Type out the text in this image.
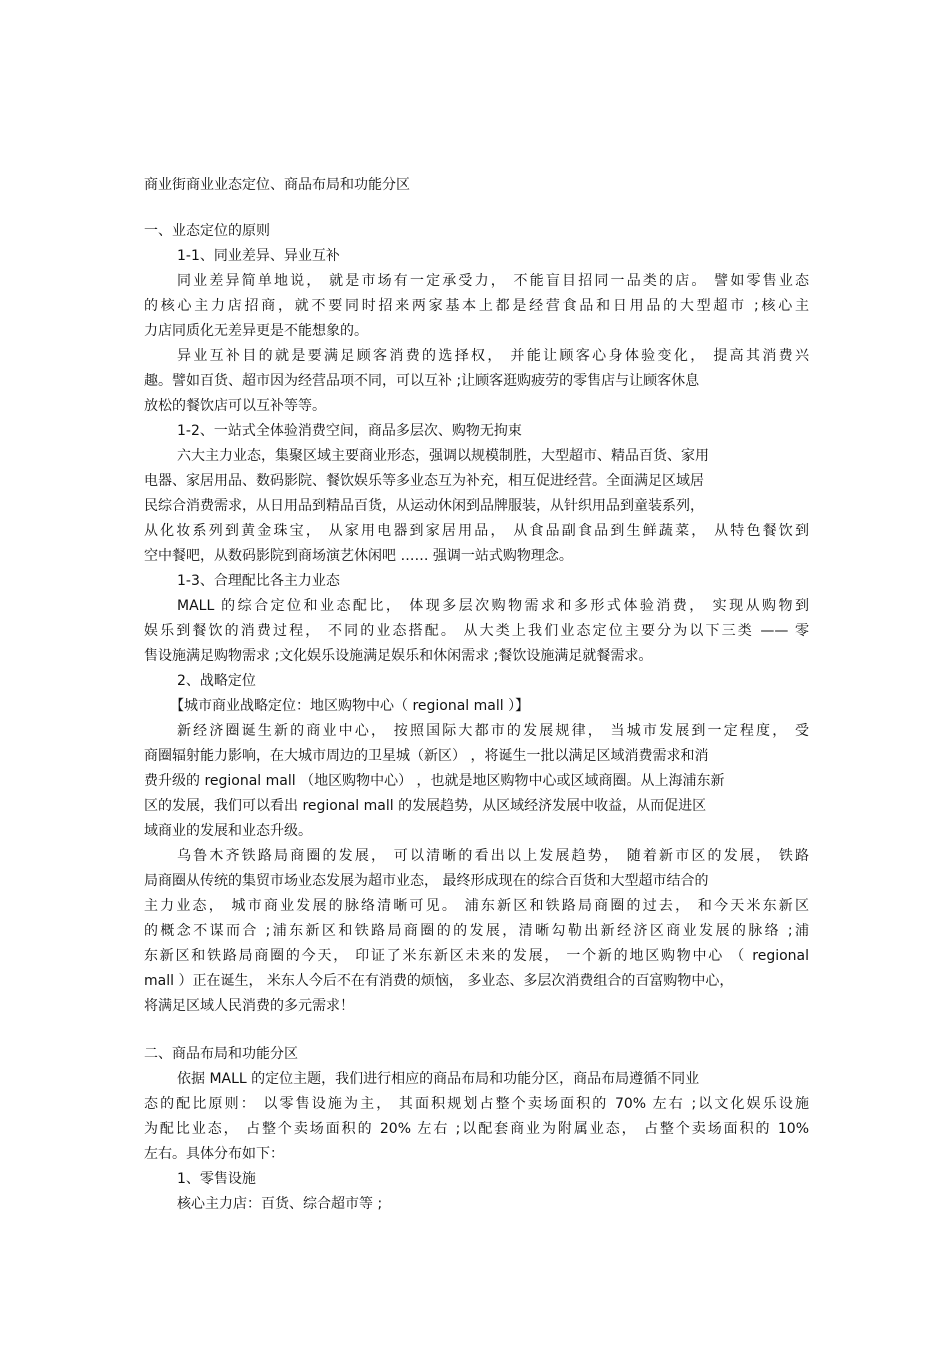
商业街商业业态定位、商品布局和功能分区
一、业态定位的原则
1-1、同业差异、异业互补
同业差异简单地说， 就是市场有一定承受力， 不能盲目招同一品类的店。 譬如零售业态
的核心主力店招商，就不要同时招来两家基本上都是经营食品和日用品的大型超市 ;核心主
力店同质化无差异更是不能想象的。
异业互补目的就是要满足顾客消费的选择权， 并能让顾客心身体验变化， 提高其消费兴
趣。譬如百货、超市因为经营品项不同，可以互补 ;让顾客逛购疲劳的零售店与让顾客休息
放松的餐饮店可以互补等等。
1-2、一站式全体验消费空间，商品多层次、购物无拘束
六大主力业态，集聚区域主要商业形态，强调以规模制胜，大型超市、精品百货、家用
电器、家居用品、数码影院、餐饮娱乐等多业态互为补充，相互促进经营。全面满足区域居
民综合消费需求，从日用品到精品百货，从运动休闲到品牌服装，从针织用品到童装系列，
从化妆系列到黄金珠宝， 从家用电器到家居用品， 从食品副食品到生鲜蔬菜， 从特色餐饮到
空中餐吧，从数码影院到商场演艺休闲吧 …… 强调一站式购物理念。
1-3、合理配比各主力业态
MALL 的综合定位和业态配比， 体现多层次购物需求和多形式体验消费， 实现从购物到
娱乐到餐饮的消费过程， 不同的业态搭配。 从大类上我们业态定位主要分为以下三类 —— 零
售设施满足购物需求 ;文化娱乐设施满足娱乐和休闲需求 ;餐饮设施满足就餐需求。
2、战略定位
【城市商业战略定位：地区购物中心（ regional mall ）】
新经济圈诞生新的商业中心， 按照国际大都市的发展规律， 当城市发展到一定程度， 受
商圈辐射能力影响，在大城市周边的卫星城（新区） ，将诞生一批以满足区域消费需求和消
费升级的 regional mall （地区购物中心） ，也就是地区购物中心或区域商圈。从上海浦东新
区的发展，我们可以看出 regional mall 的发展趋势，从区域经济发展中收益，从而促进区
域商业的发展和业态升级。
乌鲁木齐铁路局商圈的发展， 可以清晰的看出以上发展趋势， 随着新市区的发展， 铁路
局商圈从传统的集贸市场业态发展为超市业态， 最终形成现在的综合百货和大型超市结合的
主力业态， 城市商业发展的脉络清晰可见。 浦东新区和铁路局商圈的过去， 和今天米东新区
的概念不谋而合 ;浦东新区和铁路局商圈的的发展，清晰勾勒出新经济区商业发展的脉络 ;浦
东新区和铁路局商圈的今天， 印证了米东新区未来的发展， 一个新的地区购物中心 （ regional
mall ）正在诞生， 米东人今后不在有消费的烦恼， 多业态、多层次消费组合的百富购物中心，
将满足区域人民消费的多元需求！
二、商品布局和功能分区
依据 MALL 的定位主题，我们进行相应的商品布局和功能分区，商品布局遵循不同业
态的配比原则： 以零售设施为主， 其面积规划占整个卖场面积的 70% 左右 ;以文化娱乐设施
为配比业态， 占整个卖场面积的 20% 左右 ;以配套商业为附属业态， 占整个卖场面积的 10%
左右。具体分布如下：
1、零售设施
核心主力店：百货、综合超市等 ;
